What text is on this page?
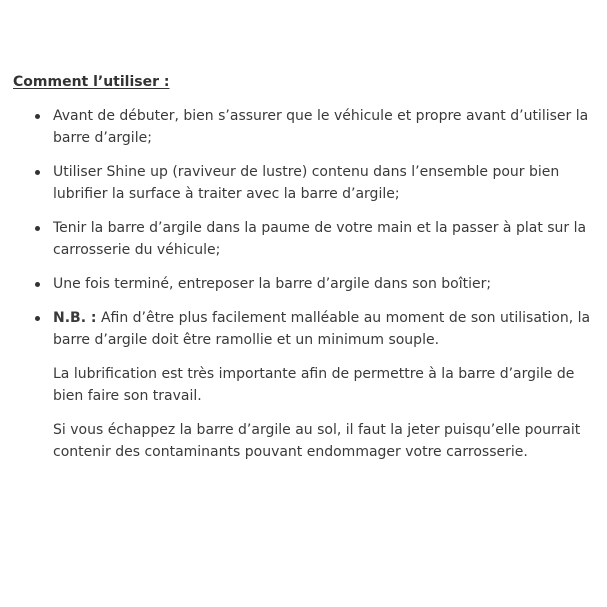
Comment l’utiliser :
Avant de débuter, bien s’assurer que le véhicule et propre avant d’utiliser la barre d’argile;
Utiliser Shine up (raviveur de lustre) contenu dans l’ensemble pour bien lubrifier la surface à traiter avec la barre d’argile;
Tenir la barre d’argile dans la paume de votre main et la passer à plat sur la carrosserie du véhicule;
Une fois terminé, entreposer la barre d’argile dans son boîtier;
N.B. : Afin d’être plus facilement malléable au moment de son utilisation, la barre d’argile doit être ramollie et un minimum souple.

La lubrification est très importante afin de permettre à la barre d’argile de bien faire son travail.

Si vous échappez la barre d’argile au sol, il faut la jeter puisqu’elle pourrait contenir des contaminants pouvant endommager votre carrosserie.
